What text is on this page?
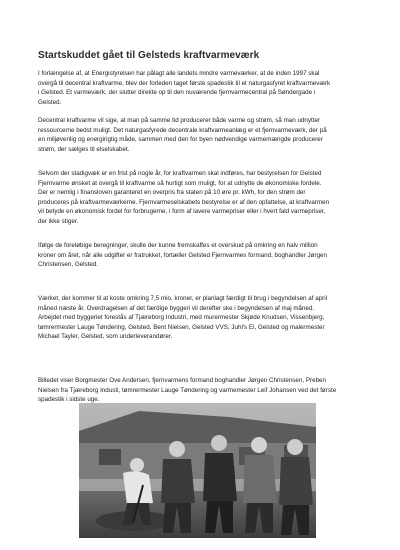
Startskuddet gået til Gelsteds kraftvarmeværk

I forlængelse af, at Energistyrelsen har pålagt alle landets mindre varmeværker, at de inden 1997 skal
overgå til decentral kraftvarme, blev der forleden taget første spadestik til et naturgasfyret kraftvarmeværk
i Gelsted. Et varmeværk, der slutter direkte op til den nuværende fjernvarmecentral på Søndergade i
Gelsted.

Decentral kraftvarme vil sige, at man på samme tid producerer både varme og strøm, så man udnytter
ressourcerne bedst muligt. Det naturgasfyrede decentrale kraftvarmeanlæg er et fjernvarmeværk, der på
en miljøvenlig og energirigtig måde, sammen med den for byen nødvendige varmemængde producerer
strøm, der sælges til elselskabet.

Selvom der stadigvæk er en frist på nogle år, for kraftvarmen skal indføres, har bestyrelsen for Gelsted
Fjernvarme ønsket at overgå til kraftvarme så hurtigt som muligt, for at udnytte de økonomiske fordele.
Der er nemlig i finansloven garanteret en overpris fra staten på 10 øre pr. kWh, for den strøm der
produceres på kraftvarmeværkerne. Fjernvarmeselskabets bestyrelse er af den opfattelse, at kraftvarmen
vil betyde en økonomisk fordel for forbrugerne, i form af lavere varmepriser eller i hvert fald varmepriser,
der ikke stiger.

Ifølge de foreløbige beregninger, skulle der kunne fremskaffes et overskud på omkring en halv million
kroner om året, når alle udgifter er fratrukket, fortæller Gelsted Fjernvarmes formand, boghandler Jørgen
Christensen, Gelsted.

Værket, der kommer til at koste omkring 7,5 mio. kroner, er planlagt færdigt til brug i begyndelsen af april
måned næste år. Overdragelsen af det færdige byggeri vil derefter ske i begyndelsen af maj måned.
Arbejdet med byggeriet forestås af Tjæreborg Industri, med murermester Skjøde Knudsen, Vissenbjerg,
tømrermester Lauge Tøndering, Gelsted, Bent Nielsen, Gelsted VVS, Juhl's El, Gelsted og malermester
Michael Tayler, Gelsted, som underleverandører.

Billedet viser Borgmester Ove Andersen, fjernvarmens formand boghandler Jørgen Christensen, Preben
Nielsen fra Tjæreborg Industi, tømrermester Lauge Tøndering og varmemester Leif Johansen ved det første
spadestik i sidste uge.
